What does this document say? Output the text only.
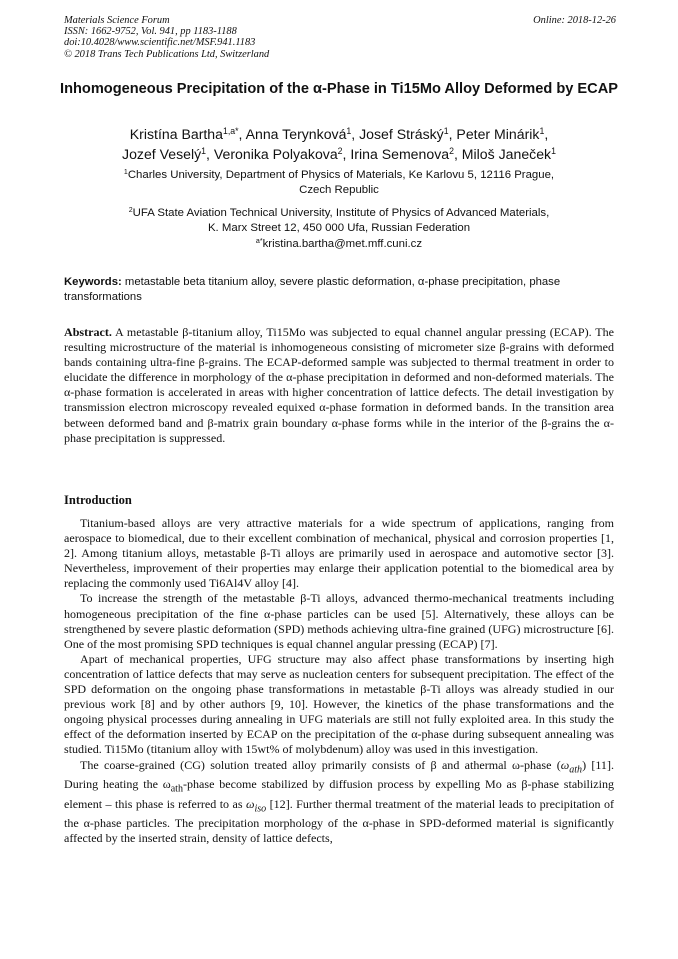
Materials Science Forum
ISSN: 1662-9752, Vol. 941, pp 1183-1188
doi:10.4028/www.scientific.net/MSF.941.1183
© 2018 Trans Tech Publications Ltd, Switzerland
Online: 2018-12-26
Inhomogeneous Precipitation of the α-Phase in Ti15Mo Alloy Deformed by ECAP
Kristína Bartha$^{1,a*}$, Anna Terynková$^1$, Josef Stráský$^1$, Peter Minárik$^1$,
Jozef Veselý$^1$, Veronika Polyakova$^2$, Irina Semenova$^2$, Miloš Janeček$^1$
$^1$Charles University, Department of Physics of Materials, Ke Karlovu 5, 12116 Prague,
Czech Republic
$^2$UFA State Aviation Technical University, Institute of Physics of Advanced Materials,
K. Marx Street 12, 450 000 Ufa, Russian Federation
$^{a*}$kristina.bartha@met.mff.cuni.cz
Keywords: metastable beta titanium alloy, severe plastic deformation, α-phase precipitation, phase transformations
Abstract. A metastable β-titanium alloy, Ti15Mo was subjected to equal channel angular pressing (ECAP). The resulting microstructure of the material is inhomogeneous consisting of micrometer size β-grains with deformed bands containing ultra-fine β-grains. The ECAP-deformed sample was subjected to thermal treatment in order to elucidate the difference in morphology of the α-phase precipitation in deformed and non-deformed materials. The α-phase formation is accelerated in areas with higher concentration of lattice defects. The detail investigation by transmission electron microscopy revealed equixed α-phase formation in deformed bands. In the transition area between deformed band and β-matrix grain boundary α-phase forms while in the interior of the β-grains the α-phase precipitation is suppressed.
Introduction

Titanium-based alloys are very attractive materials for a wide spectrum of applications, ranging from aerospace to biomedical, due to their excellent combination of mechanical, physical and corrosion properties [1, 2]. Among titanium alloys, metastable β-Ti alloys are primarily used in aerospace and automotive sector [3]. Nevertheless, improvement of their properties may enlarge their application potential to the biomedical area by replacing the commonly used Ti6Al4V alloy [4].

To increase the strength of the metastable β-Ti alloys, advanced thermo-mechanical treatments including homogeneous precipitation of the fine α-phase particles can be used [5]. Alternatively, these alloys can be strengthened by severe plastic deformation (SPD) methods achieving ultra-fine grained (UFG) microstructure [6]. One of the most promising SPD techniques is equal channel angular pressing (ECAP) [7].

Apart of mechanical properties, UFG structure may also affect phase transformations by inserting high concentration of lattice defects that may serve as nucleation centers for subsequent precipitation. The effect of the SPD deformation on the ongoing phase transformations in metastable β-Ti alloys was already studied in our previous work [8] and by other authors [9, 10]. However, the kinetics of the phase transformations and the ongoing physical processes during annealing in UFG materials are still not fully exploited area. In this study the effect of the deformation inserted by ECAP on the precipitation of the α-phase during subsequent annealing was studied. Ti15Mo (titanium alloy with 15wt% of molybdenum) alloy was used in this investigation.

The coarse-grained (CG) solution treated alloy primarily consists of β and athermal ω-phase $(\omega_{ath})$ [11]. During heating the $\omega_{ath}$-phase become stabilized by diffusion process by expelling Mo as β-phase stabilizing element – this phase is referred to as $\omega_{iso}$ [12]. Further thermal treatment of the material leads to precipitation of the α-phase particles. The precipitation morphology of the α-phase in SPD-deformed material is significantly affected by the inserted strain, density of lattice defects,
